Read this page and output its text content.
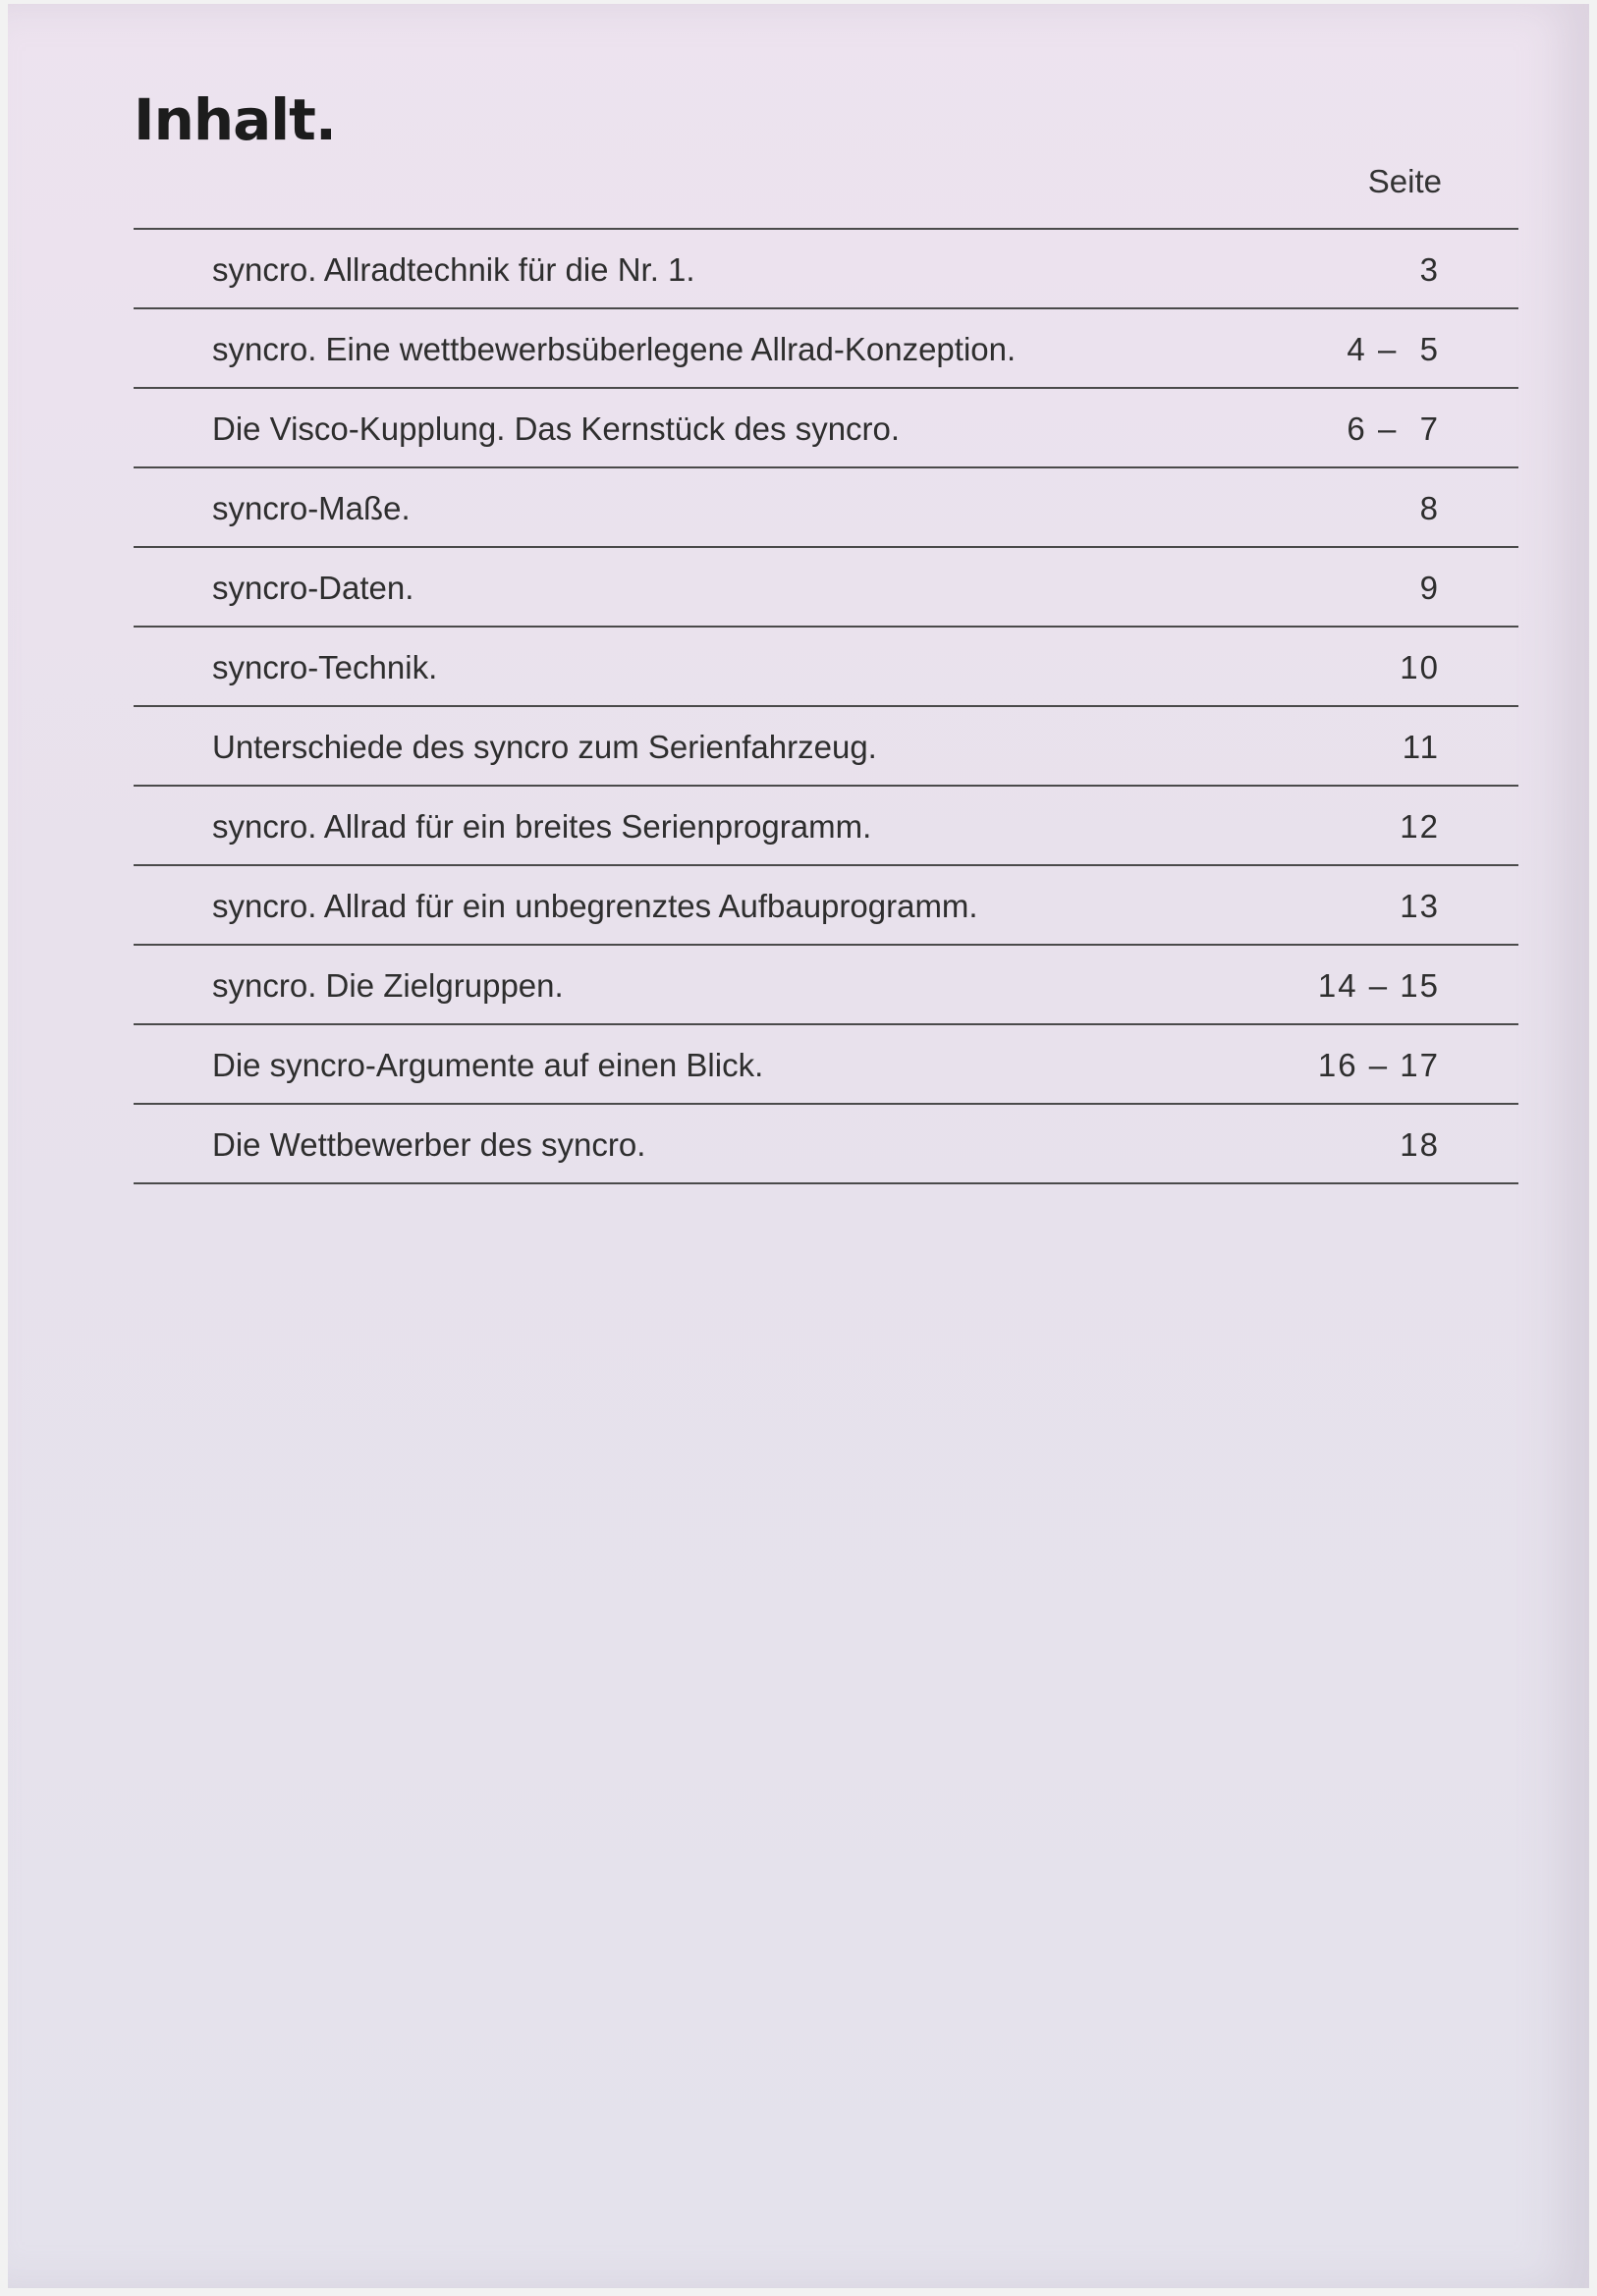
Inhalt.
Seite
syncro. Allradtechnik für die Nr. 1.	3
syncro. Eine wettbewerbsüberlegene Allrad-Konzeption.	4 –  5
Die Visco-Kupplung. Das Kernstück des syncro.	6 –  7
syncro-Maße.	8
syncro-Daten.	9
syncro-Technik.	10
Unterschiede des syncro zum Serienfahrzeug.	11
syncro. Allrad für ein breites Serienprogramm.	12
syncro. Allrad für ein unbegrenztes Aufbauprogramm.	13
syncro. Die Zielgruppen.	14 – 15
Die syncro-Argumente auf einen Blick.	16 – 17
Die Wettbewerber des syncro.	18
